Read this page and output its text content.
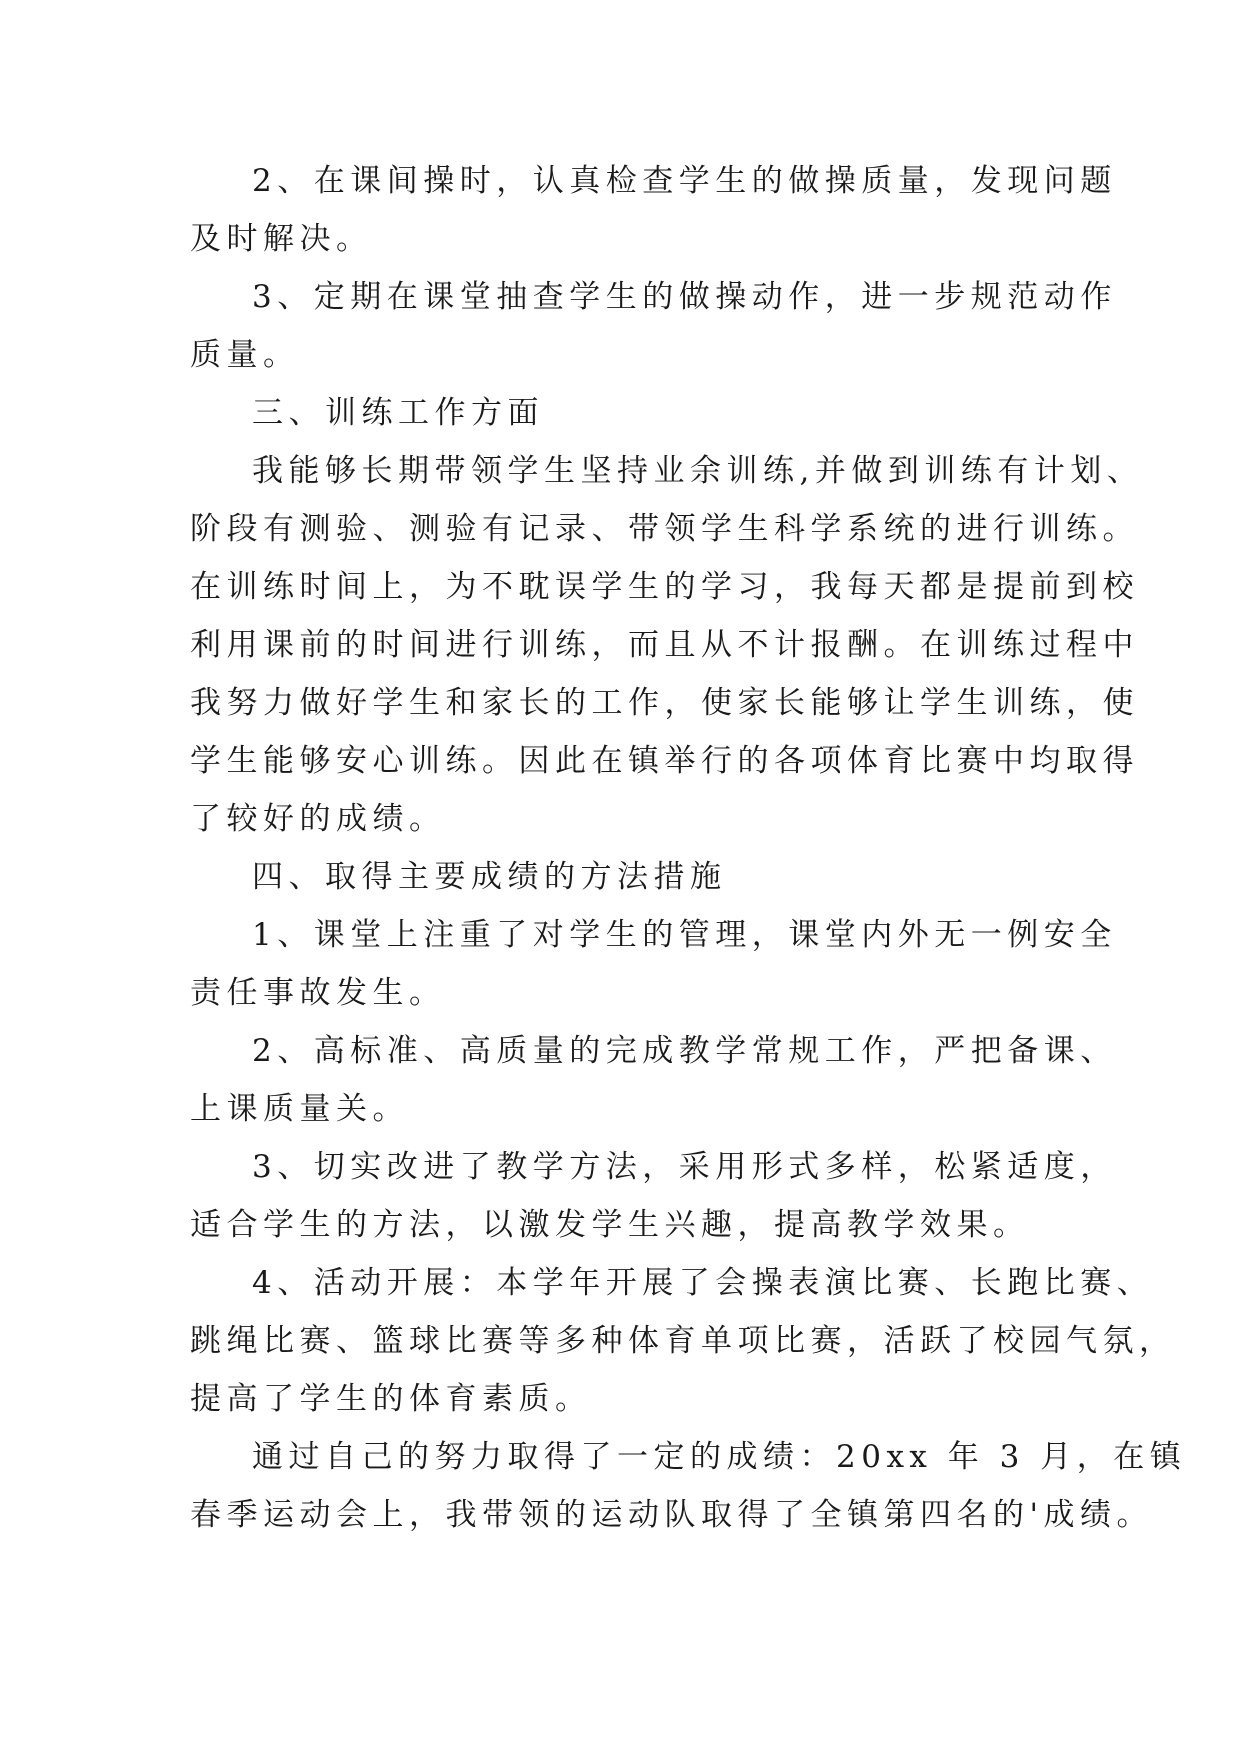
2、在课间操时，认真检查学生的做操质量，发现问题
及时解决。
3、定期在课堂抽查学生的做操动作，进一步规范动作
质量。
三、训练工作方面
我能够长期带领学生坚持业余训练,并做到训练有计划、
阶段有测验、测验有记录、带领学生科学系统的进行训练。
在训练时间上，为不耽误学生的学习，我每天都是提前到校
利用课前的时间进行训练，而且从不计报酬。在训练过程中
我努力做好学生和家长的工作，使家长能够让学生训练，使
学生能够安心训练。因此在镇举行的各项体育比赛中均取得
了较好的成绩。
四、取得主要成绩的方法措施
1、课堂上注重了对学生的管理，课堂内外无一例安全
责任事故发生。
2、高标准、高质量的完成教学常规工作，严把备课、
上课质量关。
3、切实改进了教学方法，采用形式多样，松紧适度，
适合学生的方法，以激发学生兴趣，提高教学效果。
4、活动开展：本学年开展了会操表演比赛、长跑比赛、
跳绳比赛、篮球比赛等多种体育单项比赛，活跃了校园气氛，
提高了学生的体育素质。
通过自己的努力取得了一定的成绩：20xx 年 3 月，在镇
春季运动会上，我带领的运动队取得了全镇第四名的'成绩。
